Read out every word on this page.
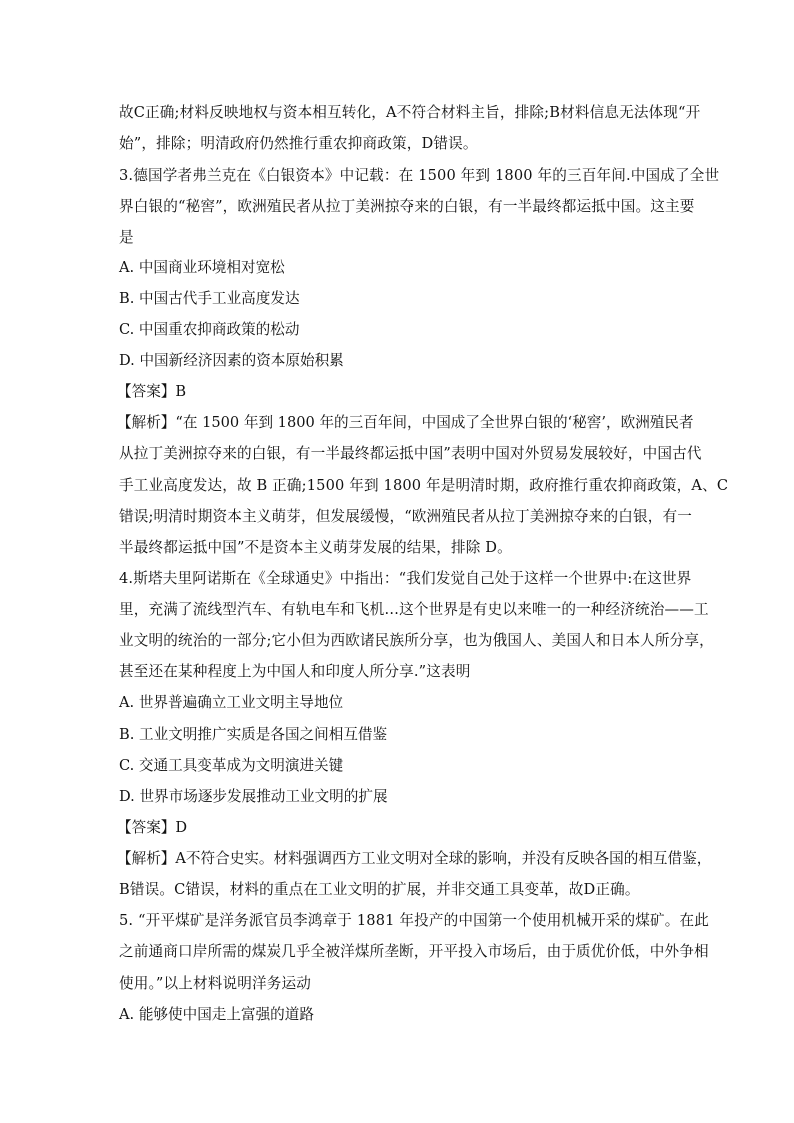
故C正确;材料反映地权与资本相互转化，A不符合材料主旨，排除;B材料信息无法体现“开
始”，排除；明清政府仍然推行重农抑商政策，D错误。
3.德国学者弗兰克在《白银资本》中记载：在 1500 年到 1800 年的三百年间.中国成了全世
界白银的“秘窖”，欧洲殖民者从拉丁美洲掠夺来的白银，有一半最终都运抵中国。这主要
是
A. 中国商业环境相对宽松
B. 中国古代手工业高度发达
C. 中国重农抑商政策的松动
D. 中国新经济因素的资本原始积累
【答案】B
【解析】“在 1500 年到 1800 年的三百年间，中国成了全世界白银的‘秘窖’，欧洲殖民者
从拉丁美洲掠夺来的白银，有一半最终都运抵中国”表明中国对外贸易发展较好，中国古代
手工业高度发达，故 B 正确;1500 年到 1800 年是明清时期，政府推行重农抑商政策，A、C
错误;明清时期资本主义萌芽，但发展缓慢，“欧洲殖民者从拉丁美洲掠夺来的白银，有一
半最终都运抵中国”不是资本主义萌芽发展的结果，排除 D。
4.斯塔夫里阿诺斯在《全球通史》中指出：“我们发觉自己处于这样一个世界中:在这世界
里，充满了流线型汽车、有轨电车和飞机…这个世界是有史以来唯一的一种经济统治——工
业文明的统治的一部分;它小但为西欧诸民族所分享，也为俄国人、美国人和日本人所分享，
甚至还在某种程度上为中国人和印度人所分享.”这表明
A. 世界普遍确立工业文明主导地位
B. 工业文明推广实质是各国之间相互借鉴
C. 交通工具变革成为文明演进关键
D. 世界市场逐步发展推动工业文明的扩展
【答案】D
【解析】A不符合史实。材料强调西方工业文明对全球的影响，并没有反映各国的相互借鉴，
B错误。C错误，材料的重点在工业文明的扩展，并非交通工具变革，故D正确。
5. “开平煤矿是洋务派官员李鸿章于 1881 年投产的中国第一个使用机械开采的煤矿。在此
之前通商口岸所需的煤炭几乎全被洋煤所垄断，开平投入市场后，由于质优价低，中外争相
使用。”以上材料说明洋务运动
A. 能够使中国走上富强的道路
